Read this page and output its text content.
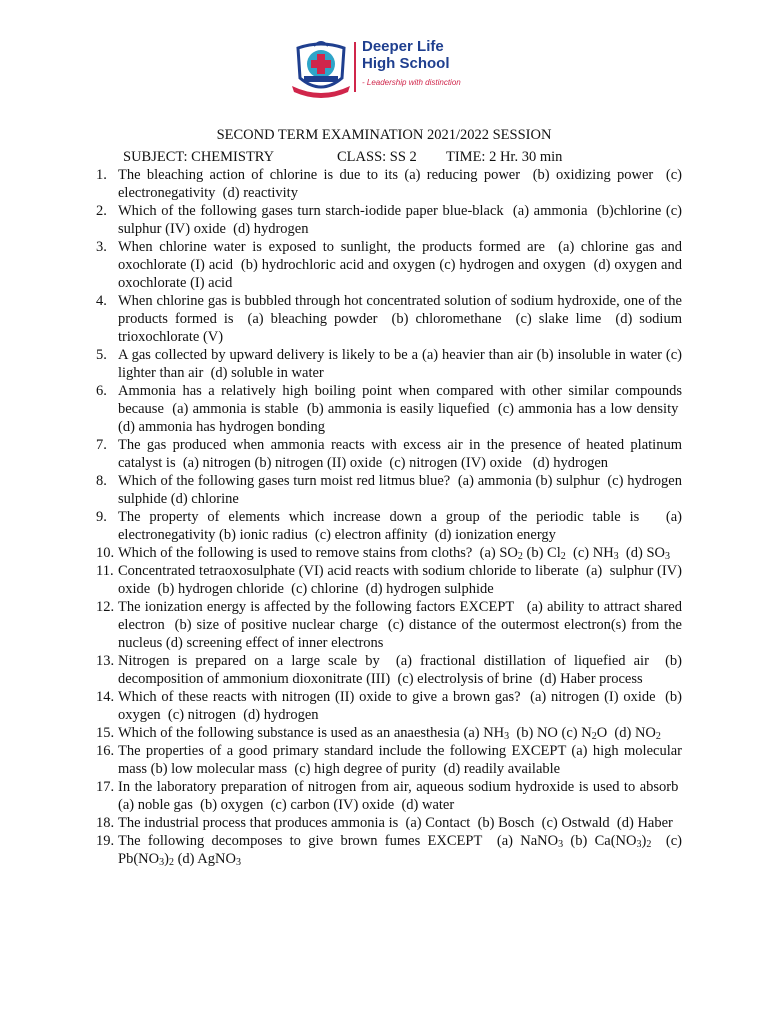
Deeper Life
High School
- Leadership with distinction
SECOND TERM EXAMINATION 2021/2022 SESSION
SUBJECT: CHEMISTRY	CLASS: SS 2 TIME: 2 Hr. 30 min
1. The bleaching action of chlorine is due to its (a) reducing power  (b) oxidizing power  (c) electronegativity  (d) reactivity
2. Which of the following gases turn starch-iodide paper blue-black  (a) ammonia  (b)chlorine (c) sulphur (IV) oxide  (d) hydrogen
3. When chlorine water is exposed to sunlight, the products formed are  (a) chlorine gas and oxochlorate (I) acid  (b) hydrochloric acid and oxygen (c) hydrogen and oxygen  (d) oxygen and oxochlorate (I) acid
4. When chlorine gas is bubbled through hot concentrated solution of sodium hydroxide, one of the products formed is  (a) bleaching powder  (b) chloromethane  (c) slake lime  (d) sodium trioxochlorate (V)
5. A gas collected by upward delivery is likely to be a (a) heavier than air (b) insoluble in water (c) lighter than air  (d) soluble in water
6. Ammonia has a relatively high boiling point when compared with other similar compounds because  (a) ammonia is stable  (b) ammonia is easily liquefied  (c) ammonia has a low density  (d) ammonia has hydrogen bonding
7. The gas produced when ammonia reacts with excess air in the presence of heated platinum catalyst is  (a) nitrogen (b) nitrogen (II) oxide  (c) nitrogen (IV) oxide   (d) hydrogen
8. Which of the following gases turn moist red litmus blue?  (a) ammonia (b) sulphur  (c) hydrogen sulphide (d) chlorine
9. The property of elements which increase down a group of the periodic table is   (a) electronegativity (b) ionic radius  (c) electron affinity  (d) ionization energy
10. Which of the following is used to remove stains from cloths?  (a) $SO_2$ (b) $Cl_2$  (c) $NH_3$  (d) $SO_3$
11. Concentrated tetraoxosulphate (VI) acid reacts with sodium chloride to liberate  (a)  sulphur (IV) oxide  (b) hydrogen chloride  (c) chlorine  (d) hydrogen sulphide
12. The ionization energy is affected by the following factors EXCEPT   (a) ability to attract shared electron  (b) size of positive nuclear charge  (c) distance of the outermost electron(s) from the nucleus (d) screening effect of inner electrons
13. Nitrogen is prepared on a large scale by  (a) fractional distillation of liquefied air  (b) decomposition of ammonium dioxonitrate (III)  (c) electrolysis of brine  (d) Haber process
14. Which of these reacts with nitrogen (II) oxide to give a brown gas?  (a) nitrogen (I) oxide  (b) oxygen  (c) nitrogen  (d) hydrogen
15. Which of the following substance is used as an anaesthesia (a) $NH_3$  (b) NO (c) $N_2O$  (d) $NO_2$
16. The properties of a good primary standard include the following EXCEPT (a) high molecular mass (b) low molecular mass  (c) high degree of purity  (d) readily available
17. In the laboratory preparation of nitrogen from air, aqueous sodium hydroxide is used to absorb  (a) noble gas  (b) oxygen  (c) carbon (IV) oxide  (d) water
18. The industrial process that produces ammonia is  (a) Contact  (b) Bosch  (c) Ostwald  (d) Haber
19. The following decomposes to give brown fumes EXCEPT  (a) NaNO$_3$ (b) $Ca(NO_3)_2$  (c) $Pb(NO_3)_2$ (d) AgNO$_3$
